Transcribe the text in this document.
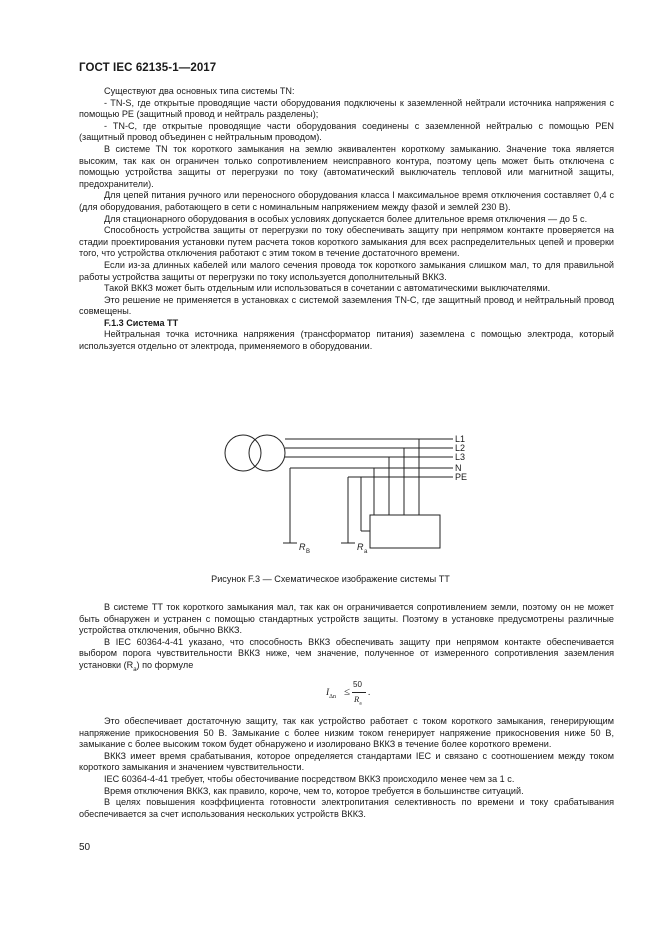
ГОСТ IEC 62135-1—2017

Существуют два основных типа системы TN:

- TN-S, где открытые проводящие части оборудования подключены к заземленной нейтрали источника напряжения с помощью PE (защитный провод и нейтраль разделены);

- TN-C, где открытые проводящие части оборудования соединены с заземленной нейтралью с помощью PEN (защитный провод объединен с нейтральным проводом).

В системе TN ток короткого замыкания на землю эквивалентен короткому замыканию. Значение тока является высоким, так как он ограничен только сопротивлением неисправного контура, поэтому цепь может быть отключена с помощью устройства защиты от перегрузки по току (автоматический выключатель тепловой или магнитной защиты, предохранители).

Для цепей питания ручного или переносного оборудования класса I максимальное время отключения составляет 0,4 с (для оборудования, работающего в сети с номинальным напряжением между фазой и землей 230 В).

Для стационарного оборудования в особых условиях допускается более длительное время отключения — до 5 с.

Способность устройства защиты от перегрузки по току обеспечивать защиту при непрямом контакте проверяется на стадии проектирования установки путем расчета токов короткого замыкания для всех распределительных цепей и проверки того, что устройства отключения работают с этим током в течение достаточного времени.

Если из-за длинных кабелей или малого сечения провода ток короткого замыкания слишком мал, то для правильной работы устройства защиты от перегрузки по току используется дополнительный ВККЗ.

Такой ВККЗ может быть отдельным или использоваться в сочетании с автоматическими выключателями.

Это решение не применяется в установках с системой заземления TN-C, где защитный провод и нейтральный провод совмещены.

F.1.3 Система TT

Нейтральная точка источника напряжения (трансформатор питания) заземлена с помощью электрода, который используется отдельно от электрода, применяемого в оборудовании.

L1
L2
L3
N
PE
R B	R a
Рисунок F.3 — Схематическое изображение системы TT

В системе TT ток короткого замыкания мал, так как он ограничивается сопротивлением земли, поэтому он не может быть обнаружен и устранен с помощью стандартных устройств защиты. Поэтому в установке предусмотрены различные устройства отключения, обычно ВККЗ.

В IEC 60364-4-41 указано, что способность ВККЗ обеспечивать защиту при непрямом контакте обеспечивается выбором порога чувствительности ВККЗ ниже, чем значение, полученное от измеренного сопротивления заземления установки $(R_a)$ по формуле

$I_{\Delta n}$ ≤
50
$R_a$
.

Это обеспечивает достаточную защиту, так как устройство работает с током короткого замыкания, генерирующим напряжение прикосновения 50 В. Замыкание с более низким током генерирует напряжение прикосновения ниже 50 В, замыкание с более высоким током будет обнаружено и изолировано ВККЗ в течение более короткого времени.

ВККЗ имеет время срабатывания, которое определяется стандартами IEC и связано с соотношением между током короткого замыкания и значением чувствительности.

IEC 60364-4-41 требует, чтобы обесточивание посредством ВККЗ происходило менее чем за 1 с.

Время отключения ВККЗ, как правило, короче, чем то, которое требуется в большинстве ситуаций.

В целях повышения коэффициента готовности электропитания селективность по времени и току срабатывания обеспечивается за счет использования нескольких устройств ВККЗ.

50
